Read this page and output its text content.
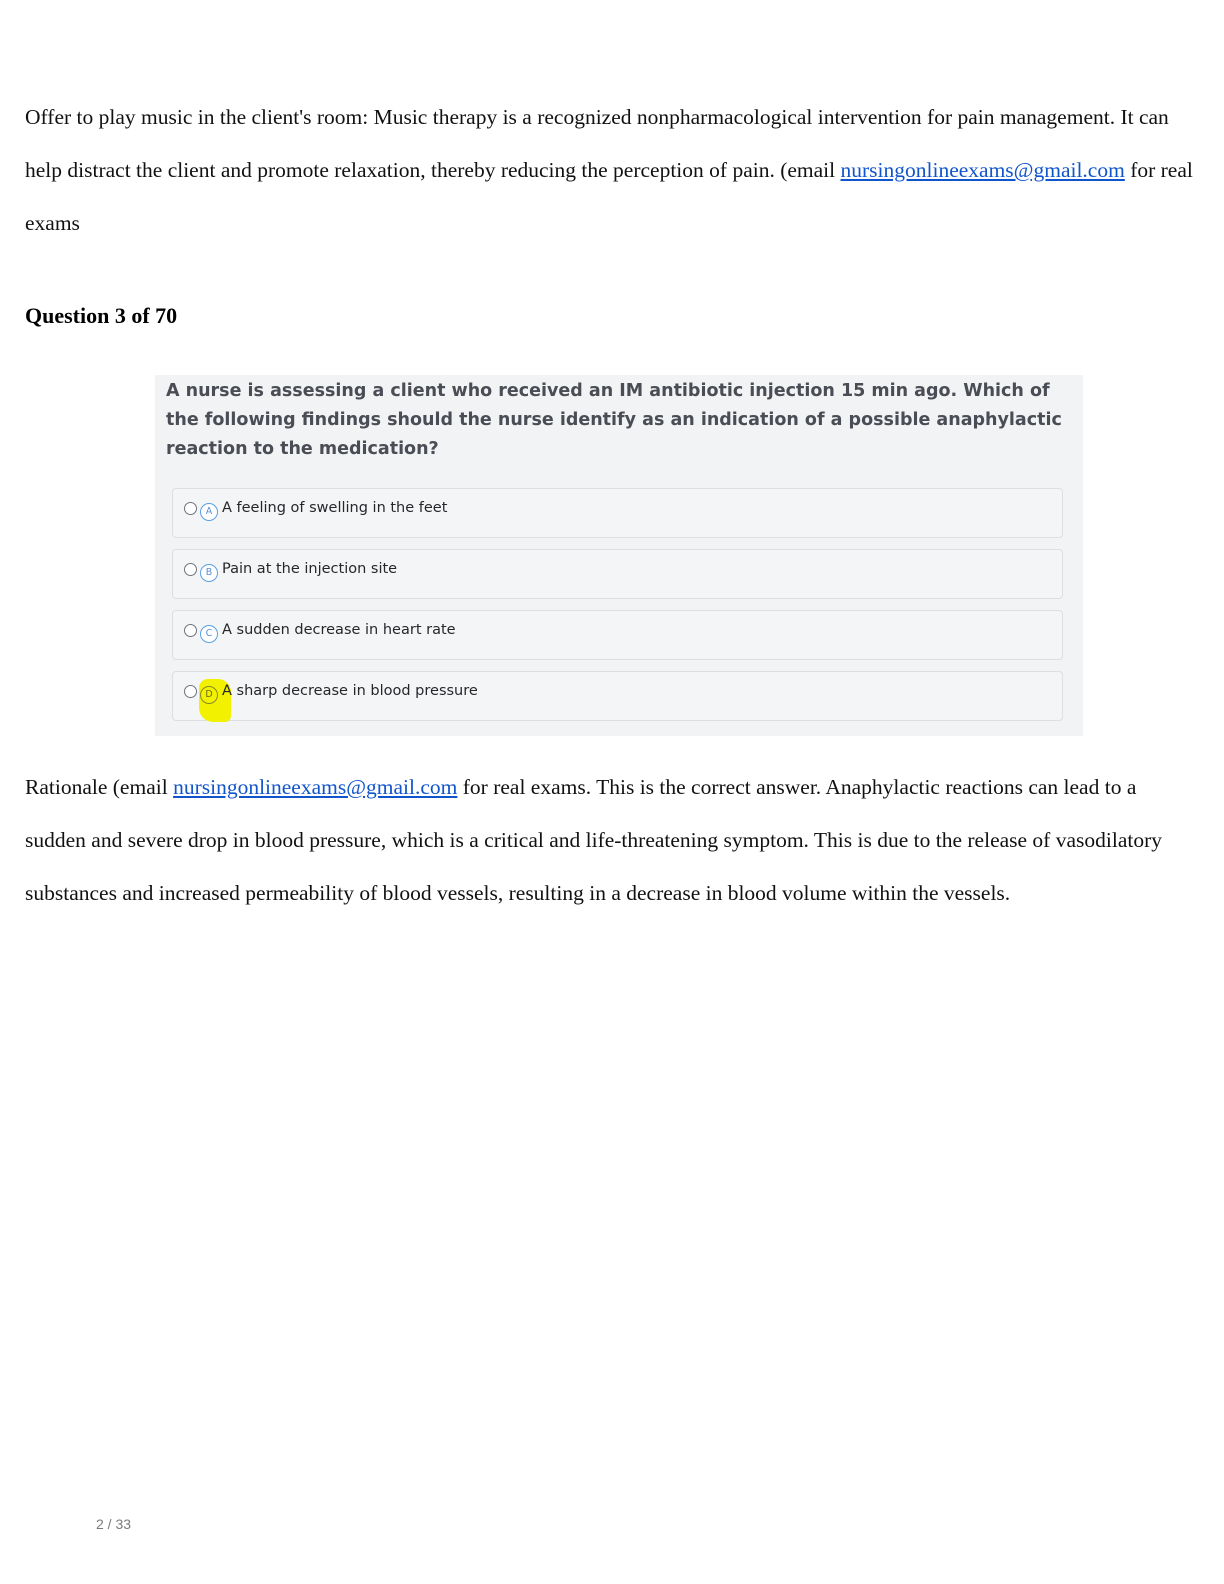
Offer to play music in the client's room: Music therapy is a recognized nonpharmacological intervention for pain management. It can help distract the client and promote relaxation, thereby reducing the perception of pain. (email nursingonlineexams@gmail.com for real exams

Question 3 of 70

A nurse is assessing a client who received an IM antibiotic injection 15 min ago. Which of the following findings should the nurse identify as an indication of a possible anaphylactic reaction to the medication?

A A feeling of swelling in the feet
B Pain at the injection site
C A sudden decrease in heart rate
D A sharp decrease in blood pressure

Rationale (email nursingonlineexams@gmail.com for real exams. This is the correct answer. Anaphylactic reactions can lead to a sudden and severe drop in blood pressure, which is a critical and life-threatening symptom. This is due to the release of vasodilatory substances and increased permeability of blood vessels, resulting in a decrease in blood volume within the vessels.

2 / 33
